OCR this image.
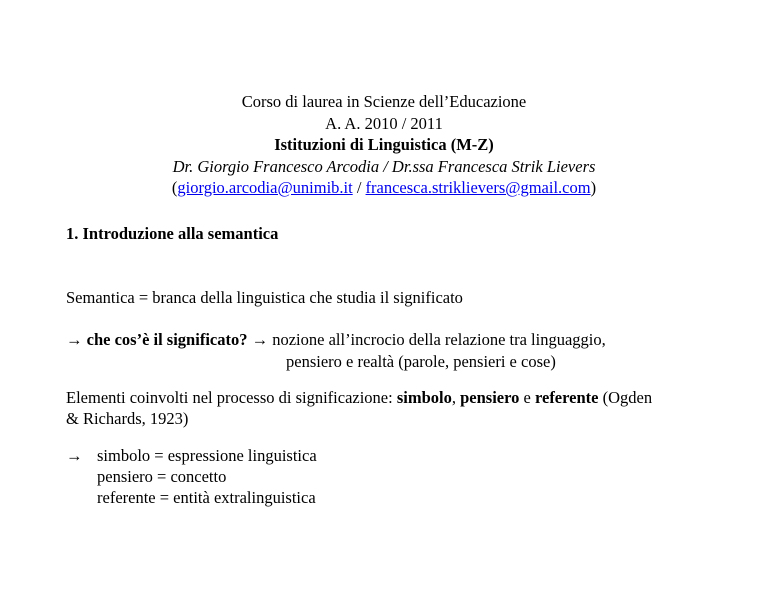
Corso di laurea in Scienze dell’Educazione
A. A. 2010 / 2011
Istituzioni di Linguistica (M-Z)
Dr. Giorgio Francesco Arcodia / Dr.ssa Francesca Strik Lievers
(giorgio.arcodia@unimib.it / francesca.striklievers@gmail.com)
1. Introduzione alla semantica
Semantica = branca della linguistica che studia il significato
→ che cos’è il significato? → nozione all’incrocio della relazione tra linguaggio,
pensiero e realtà (parole, pensieri e cose)
Elementi coinvolti nel processo di significazione: simbolo, pensiero e referente (Ogden
& Richards, 1923)
→ simbolo = espressione linguistica
pensiero = concetto
referente = entità extralinguistica
